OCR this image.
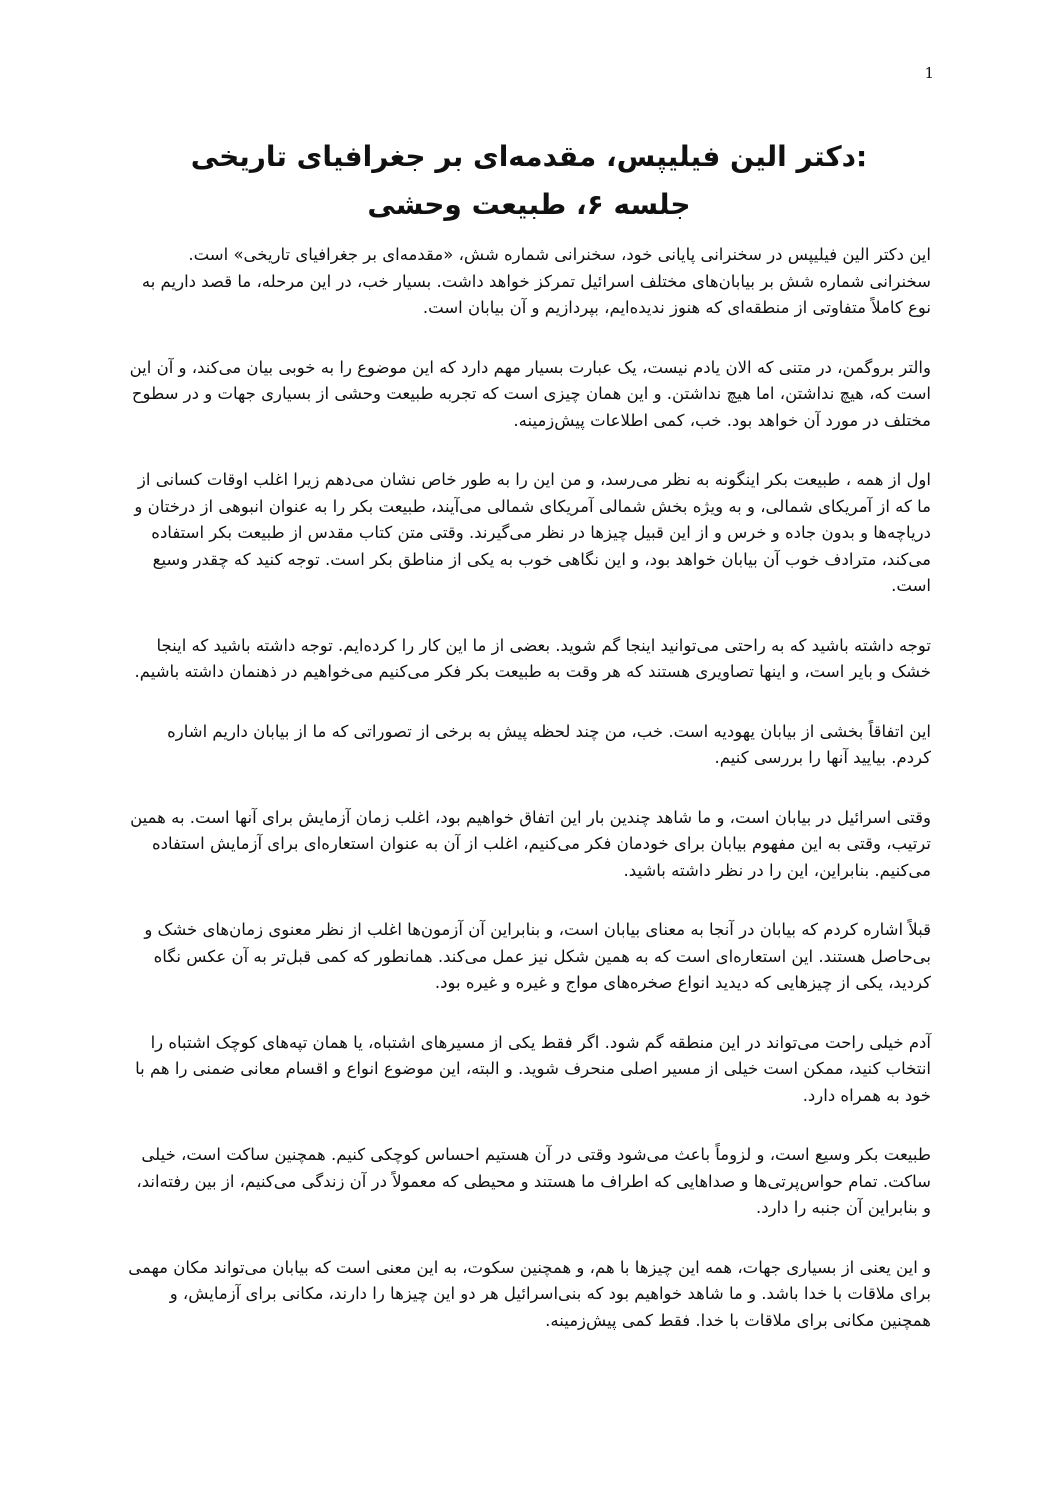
1
:دکتر الین فیلیپس، مقدمه‌ای بر جغرافیای تاریخی
جلسه ۶، طبیعت وحشی

این دکتر الین فیلیپس در سخنرانی پایانی خود، سخنرانی شماره شش، «مقدمه‌ای بر جغرافیای تاریخی» است. سخنرانی شماره شش بر بیابان‌های مختلف اسرائیل تمرکز خواهد داشت. بسیار خب، در این مرحله، ما قصد داریم به نوع کاملاً متفاوتی از منطقه‌ای که هنوز ندیده‌ایم، بپردازیم و آن بیابان است.

والتر بروگمن، در متنی که الان یادم نیست، یک عبارت بسیار مهم دارد که این موضوع را به خوبی بیان می‌کند، و آن این است که، هیچ نداشتن، اما هیچ نداشتن. و این همان چیزی است که تجربه طبیعت وحشی از بسیاری جهات و در سطوح مختلف در مورد آن خواهد بود. خب، کمی اطلاعات پیش‌زمینه.

اول از همه ، طبیعت بکر اینگونه به نظر می‌رسد، و من این را به طور خاص نشان می‌دهم زیرا اغلب اوقات کسانی از ما که از آمریکای شمالی، و به ویژه بخش شمالی آمریکای شمالی می‌آیند، طبیعت بکر را به عنوان انبوهی از درختان و دریاچه‌ها و بدون جاده و خرس و از این قبیل چیزها در نظر می‌گیرند. وقتی متن کتاب مقدس از طبیعت بکر استفاده می‌کند، مترادف خوب آن بیابان خواهد بود، و این نگاهی خوب به یکی از مناطق بکر است. توجه کنید که چقدر وسیع است.

توجه داشته باشید که به راحتی می‌توانید اینجا گم شوید. بعضی از ما این کار را کرده‌ایم. توجه داشته باشید که اینجا خشک و بایر است، و اینها تصاویری هستند که هر وقت به طبیعت بکر فکر می‌کنیم می‌خواهیم در ذهنمان داشته باشیم.

این اتفاقاً بخشی از بیابان یهودیه است. خب، من چند لحظه پیش به برخی از تصوراتی که ما از بیابان داریم اشاره کردم. بیایید آنها را بررسی کنیم.

وقتی اسرائیل در بیابان است، و ما شاهد چندین بار این اتفاق خواهیم بود، اغلب زمان آزمایش برای آنها است. به همین ترتیب، وقتی به این مفهوم بیابان برای خودمان فکر می‌کنیم، اغلب از آن به عنوان استعاره‌ای برای آزمایش استفاده می‌کنیم. بنابراین، این را در نظر داشته باشید.

قبلاً اشاره کردم که بیابان در آنجا به معنای بیابان است، و بنابراین آن آزمون‌ها اغلب از نظر معنوی زمان‌های خشک و بی‌حاصل هستند. این استعاره‌ای است که به همین شکل نیز عمل می‌کند. همانطور که کمی قبل‌تر به آن عکس نگاه کردید، یکی از چیزهایی که دیدید انواع صخره‌های مواج و غیره و غیره بود.

آدم خیلی راحت می‌تواند در این منطقه گم شود. اگر فقط یکی از مسیرهای اشتباه، یا همان تپه‌های کوچک اشتباه را انتخاب کنید، ممکن است خیلی از مسیر اصلی منحرف شوید. و البته، این موضوع انواع و اقسام معانی ضمنی را هم با خود به همراه دارد.

طبیعت بکر وسیع است، و لزوماً باعث می‌شود وقتی در آن هستیم احساس کوچکی کنیم. همچنین ساکت است، خیلی ساکت. تمام حواس‌پرتی‌ها و صداهایی که اطراف ما هستند و محیطی که معمولاً در آن زندگی می‌کنیم، از بین رفته‌اند، و بنابراین آن جنبه را دارد.

و این یعنی از بسیاری جهات، همه این چیزها با هم، و همچنین سکوت، به این معنی است که بیابان می‌تواند مکان مهمی برای ملاقات با خدا باشد. و ما شاهد خواهیم بود که بنی‌اسرائیل هر دو این چیزها را دارند، مکانی برای آزمایش، و همچنین مکانی برای ملاقات با خدا. فقط کمی پیش‌زمینه.
